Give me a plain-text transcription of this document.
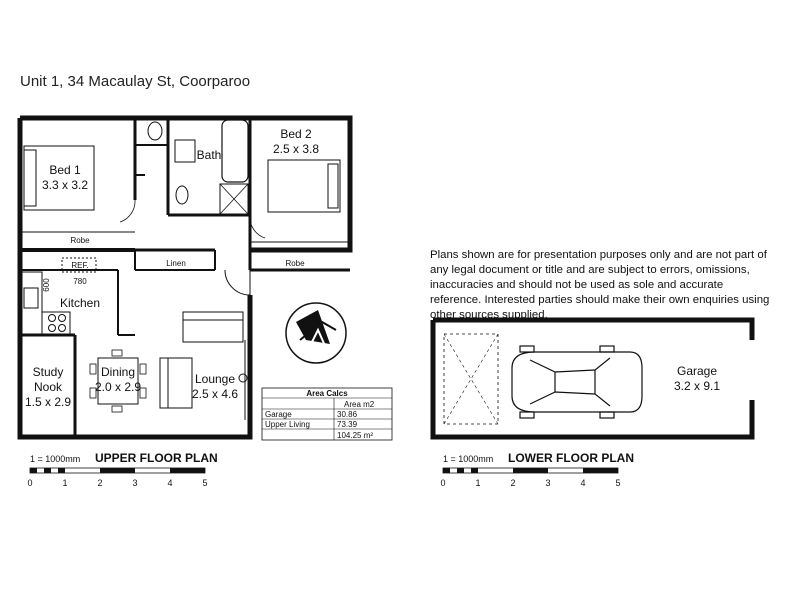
Unit 1, 34 Macaulay St, Coorparoo
Plans shown are for presentation purposes only and are not part of any legal document or title and are subject to errors, omissions, inaccuracies and should not be used as sole and accurate reference. Interested parties should make their own enquiries using other sources supplied.
Bed 1
3.3 x 3.2
Bed 2
2.5 x 3.8
Bath
Kitchen
Study
Nook
1.5 x 2.9
Dining
2.0 x 2.9
Lounge
2.5 x 4.6
Robe
Robe
Linen
REF.
780
600
Area Calcs
Area m2
Garage	30.86
Upper Living	73.39
104.25 m²
1 = 1000mm UPPER FLOOR PLAN
0	1	2	3	4	5
Garage
3.2 x 9.1
1 = 1000mm LOWER FLOOR PLAN
0	1	2	3	4	5
